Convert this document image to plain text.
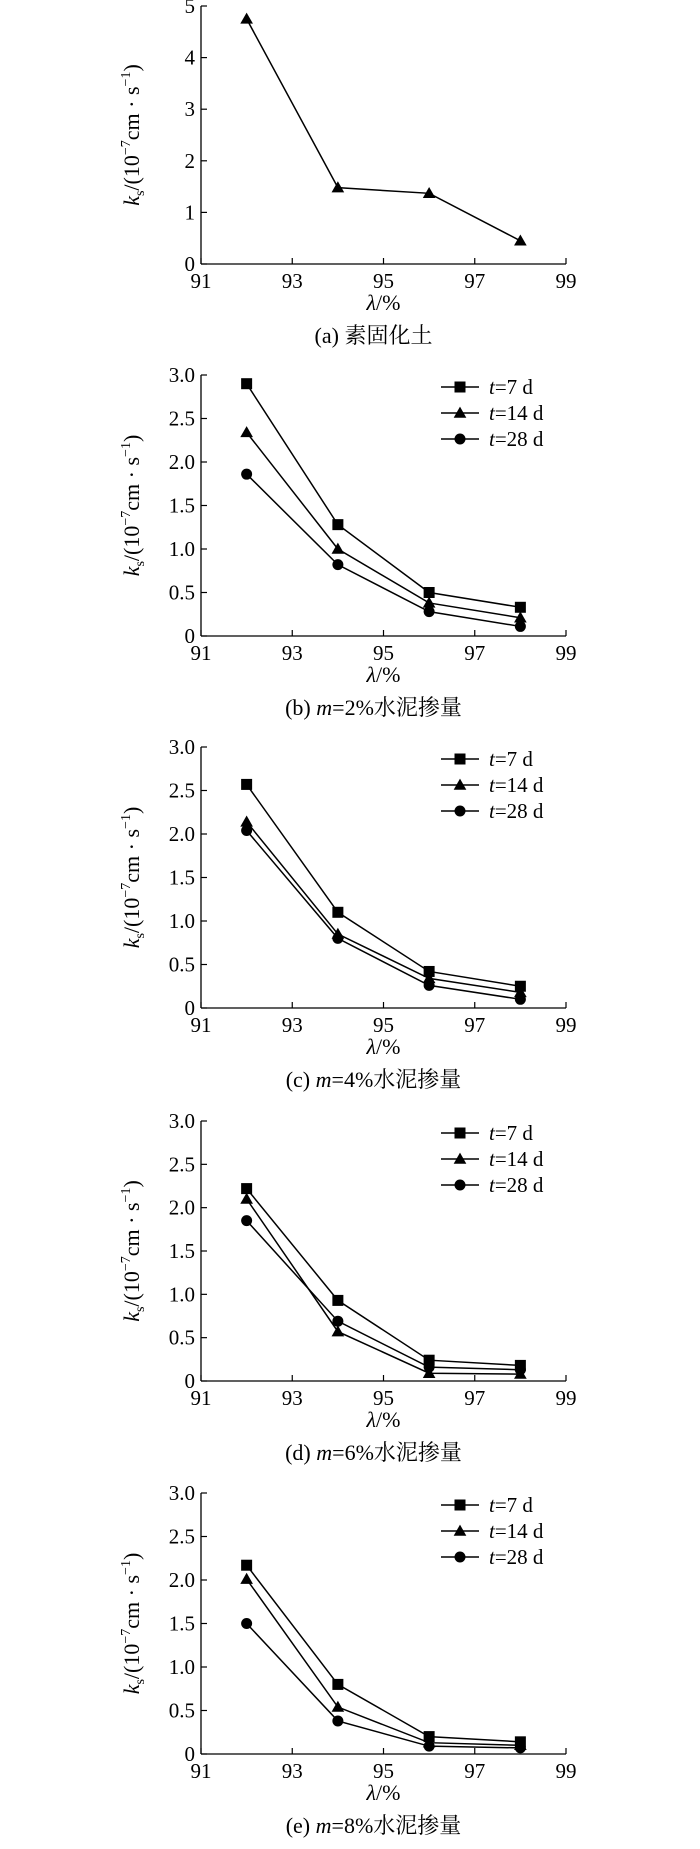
0
1
2
3
4
5
91	93	95	97	99
λ/%
$k_s/(10^{-7}cm \cdot s^{-1})$
(a) 素固化土
0
0.5
1.0
1.5
2.0
2.5
3.0
91	93	95	97	99
λ/%
$k_s/(10^{-7}cm \cdot s^{-1})$
(b) m=2%水泥掺量
t=7 d
t=14 d
t=28 d
0
0.5
1.0
1.5
2.0
2.5
3.0
91	93	95	97	99
λ/%
$k_s/(10^{-7}cm \cdot s^{-1})$
(c) m=4%水泥掺量
t=7 d
t=14 d
t=28 d
0
0.5
1.0
1.5
2.0
2.5
3.0
91	93	95	97	99
λ/%
$k_s/(10^{-7}cm \cdot s^{-1})$
(d) m=6%水泥掺量
t=7 d
t=14 d
t=28 d
0
0.5
1.0
1.5
2.0
2.5
3.0
91	93	95	97	99
λ/%
$k_s/(10^{-7}cm \cdot s^{-1})$
(e) m=8%水泥掺量
t=7 d
t=14 d
t=28 d
